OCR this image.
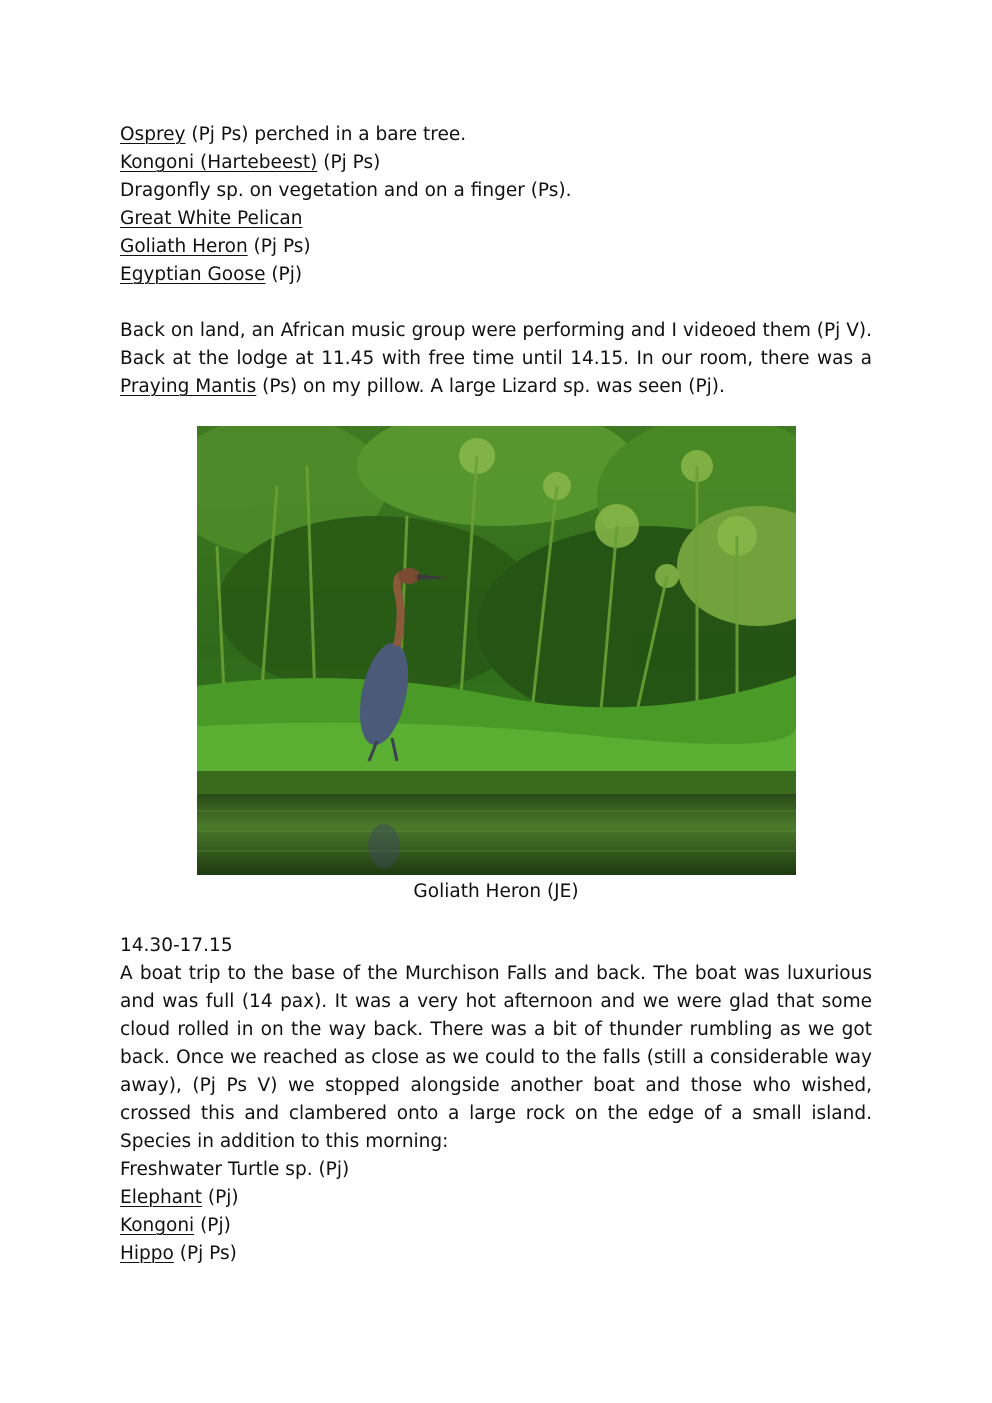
Osprey (Pj Ps) perched in a bare tree.
Kongoni (Hartebeest) (Pj Ps)
Dragonfly sp. on vegetation and on a finger (Ps).
Great White Pelican
Goliath Heron (Pj Ps)
Egyptian Goose (Pj)
Back on land, an African music group were performing and I videoed them (Pj V). Back at the lodge at 11.45 with free time until 14.15. In our room, there was a Praying Mantis (Ps) on my pillow. A large Lizard sp. was seen (Pj).
Goliath Heron (JE)
14.30-17.15
A boat trip to the base of the Murchison Falls and back. The boat was luxurious and was full (14 pax). It was a very hot afternoon and we were glad that some cloud rolled in on the way back. There was a bit of thunder rumbling as we got back. Once we reached as close as we could to the falls (still a considerable way away), (Pj Ps V) we stopped alongside another boat and those who wished, crossed this and clambered onto a large rock on the edge of a small island. Species in addition to this morning:
Freshwater Turtle sp. (Pj)
Elephant (Pj)
Kongoni (Pj)
Hippo (Pj Ps)
